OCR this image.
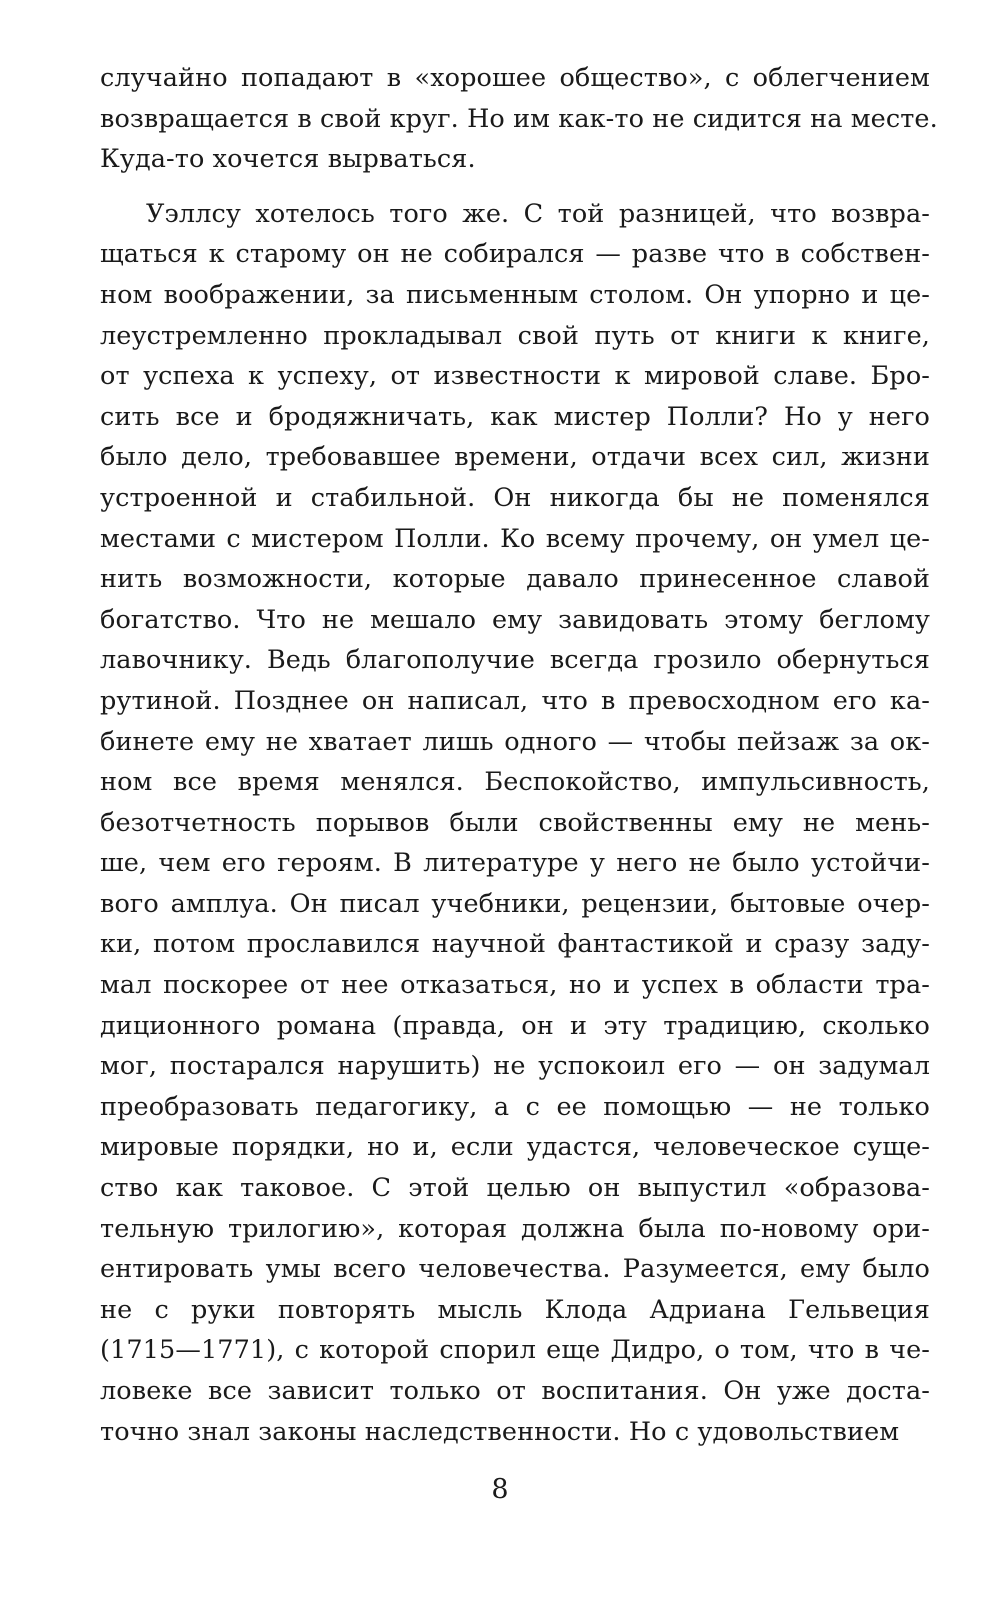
случайно попадают в «хорошее общество», с облегчением
возвращается в свой круг. Но им как-то не сидится на месте.
Куда-то хочется вырваться.
Уэллсу хотелось того же. С той разницей, что возвра-
щаться к старому он не собирался — разве что в собствен-
ном воображении, за письменным столом. Он упорно и це-
леустремленно прокладывал свой путь от книги к книге,
от успеха к успеху, от известности к мировой славе. Бро-
сить все и бродяжничать, как мистер Полли? Но у него
было дело, требовавшее времени, отдачи всех сил, жизни
устроенной и стабильной. Он никогда бы не поменялся
местами с мистером Полли. Ко всему прочему, он умел це-
нить возможности, которые давало принесенное славой
богатство. Что не мешало ему завидовать этому беглому
лавочнику. Ведь благополучие всегда грозило обернуться
рутиной. Позднее он написал, что в превосходном его ка-
бинете ему не хватает лишь одного — чтобы пейзаж за ок-
ном все время менялся. Беспокойство, импульсивность,
безотчетность порывов были свойственны ему не мень-
ше, чем его героям. В литературе у него не было устойчи-
вого амплуа. Он писал учебники, рецензии, бытовые очер-
ки, потом прославился научной фантастикой и сразу заду-
мал поскорее от нее отказаться, но и успех в области тра-
диционного романа (правда, он и эту традицию, сколько
мог, постарался нарушить) не успокоил его — он задумал
преобразовать педагогику, а с ее помощью — не только
мировые порядки, но и, если удастся, человеческое суще-
ство как таковое. С этой целью он выпустил «образова-
тельную трилогию», которая должна была по-новому ори-
ентировать умы всего человечества. Разумеется, ему было
не с руки повторять мысль Клода Адриана Гельвеция
(1715—1771), с которой спорил еще Дидро, о том, что в че-
ловеке все зависит только от воспитания. Он уже доста-
точно знал законы наследственности. Но с удовольствием
8
